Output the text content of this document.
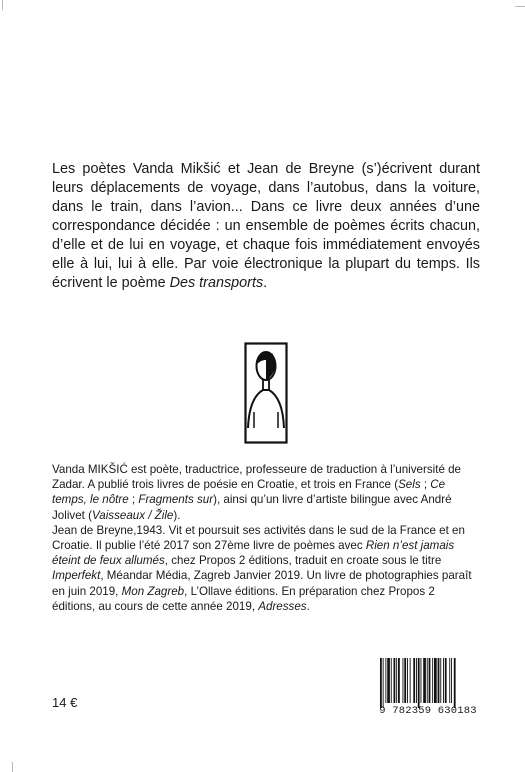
Les poètes Vanda Mikšić et Jean de Breyne (s’)écrivent durant leurs déplacements de voyage, dans l’autobus, dans la voiture, dans le train, dans l’avion... Dans ce livre deux années d’une correspondance décidée : un ensemble de poèmes écrits chacun, d’elle et de lui en voyage, et chaque fois immédiatement envoyés elle à lui, lui à elle. Par voie électronique la plupart du temps. Ils écrivent le poème Des transports.

Vanda MIKŠIĆ est poète, traductrice, professeure de traduction à l’université de Zadar. A publié trois livres de poésie en Croatie, et trois en France (Sels ; Ce temps, le nôtre ; Fragments sur), ainsi qu’un livre d’artiste bilingue avec André Jolivet (Vaisseaux / Žile).

Jean de Breyne,1943. Vit et poursuit ses activités dans le sud de la France et en Croatie. Il publie l’été 2017 son 27ème livre de poèmes avec Rien n’est jamais éteint de feux allumés, chez Propos 2 éditions, traduit en croate sous le titre Imperfekt, Méandar Média, Zagreb Janvier 2019. Un livre de photographies paraît en juin 2019, Mon Zagreb, L’Ollave éditions. En préparation chez Propos 2 éditions, au cours de cette année 2019, Adresses.

14 €
9 782359 630183
